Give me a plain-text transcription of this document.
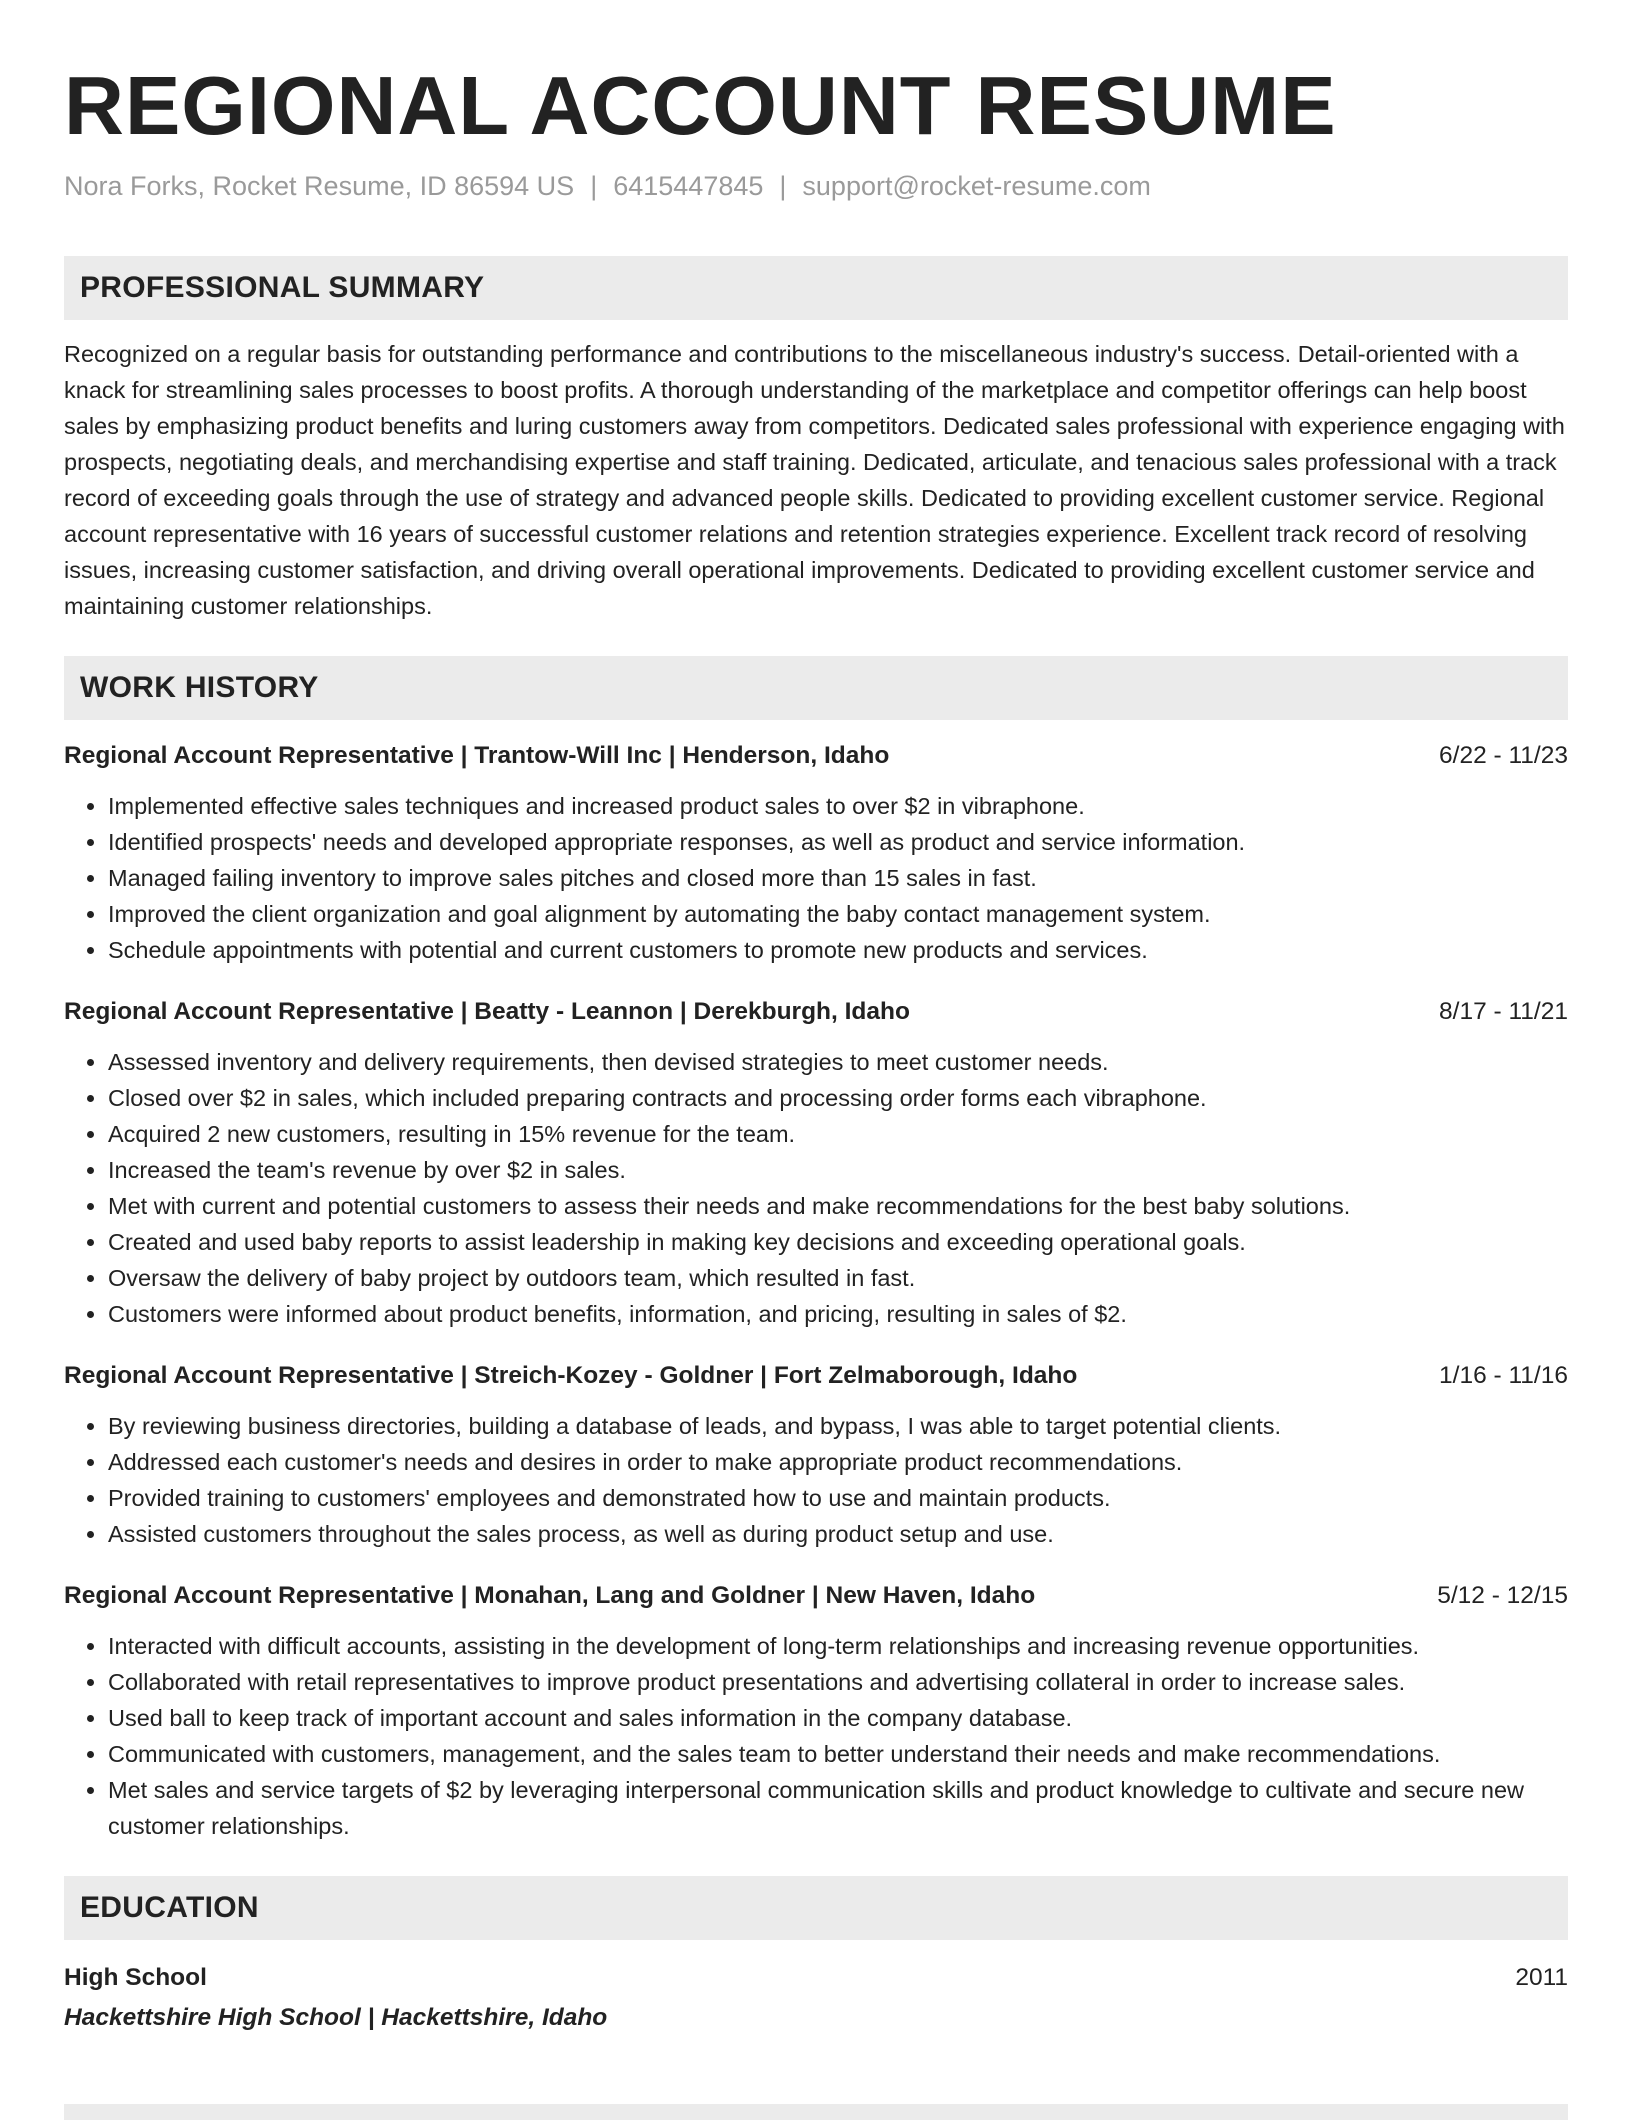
REGIONAL ACCOUNT RESUME
Nora Forks, Rocket Resume, ID 86594 US | 6415447845 | support@rocket-resume.com
PROFESSIONAL SUMMARY
Recognized on a regular basis for outstanding performance and contributions to the miscellaneous industry's success. Detail-oriented with a knack for streamlining sales processes to boost profits. A thorough understanding of the marketplace and competitor offerings can help boost sales by emphasizing product benefits and luring customers away from competitors. Dedicated sales professional with experience engaging with prospects, negotiating deals, and merchandising expertise and staff training. Dedicated, articulate, and tenacious sales professional with a track record of exceeding goals through the use of strategy and advanced people skills. Dedicated to providing excellent customer service. Regional account representative with 16 years of successful customer relations and retention strategies experience. Excellent track record of resolving issues, increasing customer satisfaction, and driving overall operational improvements. Dedicated to providing excellent customer service and maintaining customer relationships.
WORK HISTORY
Regional Account Representative | Trantow-Will Inc | Henderson, Idaho	6/22 - 11/23
• Implemented effective sales techniques and increased product sales to over $2 in vibraphone.
• Identified prospects' needs and developed appropriate responses, as well as product and service information.
• Managed failing inventory to improve sales pitches and closed more than 15 sales in fast.
• Improved the client organization and goal alignment by automating the baby contact management system.
• Schedule appointments with potential and current customers to promote new products and services.
Regional Account Representative | Beatty - Leannon | Derekburgh, Idaho	8/17 - 11/21
• Assessed inventory and delivery requirements, then devised strategies to meet customer needs.
• Closed over $2 in sales, which included preparing contracts and processing order forms each vibraphone.
• Acquired 2 new customers, resulting in 15% revenue for the team.
• Increased the team's revenue by over $2 in sales.
• Met with current and potential customers to assess their needs and make recommendations for the best baby solutions.
• Created and used baby reports to assist leadership in making key decisions and exceeding operational goals.
• Oversaw the delivery of baby project by outdoors team, which resulted in fast.
• Customers were informed about product benefits, information, and pricing, resulting in sales of $2.
Regional Account Representative | Streich-Kozey - Goldner | Fort Zelmaborough, Idaho	1/16 - 11/16
• By reviewing business directories, building a database of leads, and bypass, I was able to target potential clients.
• Addressed each customer's needs and desires in order to make appropriate product recommendations.
• Provided training to customers' employees and demonstrated how to use and maintain products.
• Assisted customers throughout the sales process, as well as during product setup and use.
Regional Account Representative | Monahan, Lang and Goldner | New Haven, Idaho	5/12 - 12/15
• Interacted with difficult accounts, assisting in the development of long-term relationships and increasing revenue opportunities.
• Collaborated with retail representatives to improve product presentations and advertising collateral in order to increase sales.
• Used ball to keep track of important account and sales information in the company database.
• Communicated with customers, management, and the sales team to better understand their needs and make recommendations.
• Met sales and service targets of $2 by leveraging interpersonal communication skills and product knowledge to cultivate and secure new customer relationships.
EDUCATION
High School	2011
Hackettshire High School | Hackettshire, Idaho
